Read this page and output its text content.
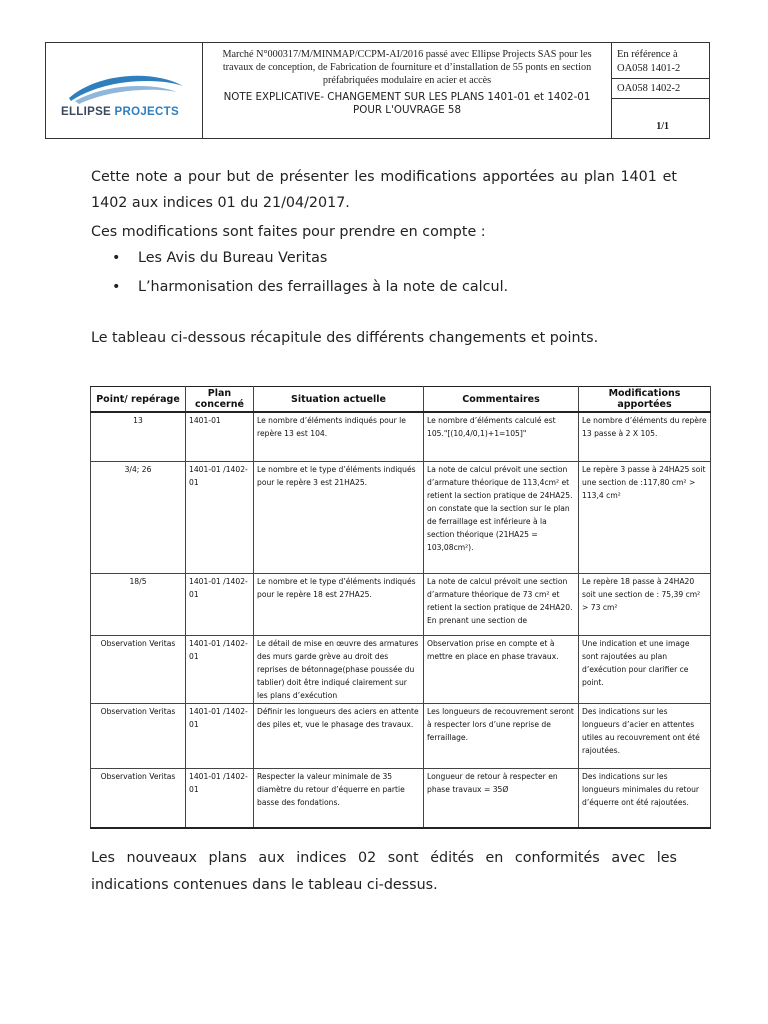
ELLIPSE PROJECTS
Marché N°000317/M/MINMAP/CCPM-AI/2016 passé avec Ellipse Projects SAS pour les travaux de conception, de Fabrication de fourniture et d’installation de 55 ponts en section préfabriquées modulaire en acier et accès
NOTE EXPLICATIVE- CHANGEMENT SUR LES PLANS 1401-01 et 1402-01 POUR L'OUVRAGE 58
En référence à
OA058 1401-2
OA058 1402-2
1/1

Cette note a pour but de présenter les modifications apportées au plan 1401 et 1402 aux indices 01 du 21/04/2017.

Ces modifications sont faites pour prendre en compte :

• Les Avis du Bureau Veritas
• L’harmonisation des ferraillages à la note de calcul.

Le tableau ci-dessous récapitule des différents changements et points.

Point/ repérage	Plan concerné	Situation actuelle	Commentaires	Modifications apportées
13	1401-01	Le nombre d’éléments indiqués pour le repère 13 est 104.	Le nombre d’éléments calculé est 105."[(10,4/0,1)+1=105]"	Le nombre d’éléments du repère 13 passe à 2 X 105.

3/4; 26	1401-01 /1402-01	Le nombre et le type d’éléments indiqués pour le repère 3 est 21HA25.	La note de calcul prévoit une section d’armature théorique de 113,4cm² et retient la section pratique de 24HA25. on constate que la section sur le plan de ferraillage est inférieure à la section théorique (21HA25 = 103,08cm²).	Le repère 3 passe à 24HA25 soit une section de :117,80 cm² > 113,4 cm²

18/5	1401-01 /1402-01	Le nombre et le type d’éléments indiqués pour le repère 18 est 27HA25.	La note de calcul prévoit une section d’armature théorique de 73 cm² et retient la section pratique de 24HA20. En prenant une section de	Le repère 18 passe à 24HA20 soit une section de : 75,39 cm² > 73 cm²

Observation Veritas	1401-01 /1402-01	Le détail de mise en œuvre des armatures des murs garde grève au droit des reprises de bétonnage(phase poussée du tablier) doit être indiqué clairement sur les plans d’exécution	Observation prise en compte et à mettre en place en phase travaux.	Une indication et une image sont rajoutées au plan d’exécution pour clarifier ce point.

Observation Veritas	1401-01 /1402-01	Définir les longueurs des aciers en attente des piles et, vue le phasage des travaux.	Les longueurs de recouvrement seront à respecter lors d’une reprise de ferraillage.	Des indications sur les longueurs d’acier en attentes utiles au recouvrement ont été rajoutées.

Observation Veritas	1401-01 /1402-01	Respecter la valeur minimale de 35 diamètre du retour d’équerre en partie basse des fondations.	Longueur de retour à respecter en phase travaux = 35Ø	Des indications sur les longueurs minimales du retour d’équerre ont été rajoutées.

Les nouveaux plans aux indices 02 sont édités en conformités avec les indications contenues dans le tableau ci-dessus.
